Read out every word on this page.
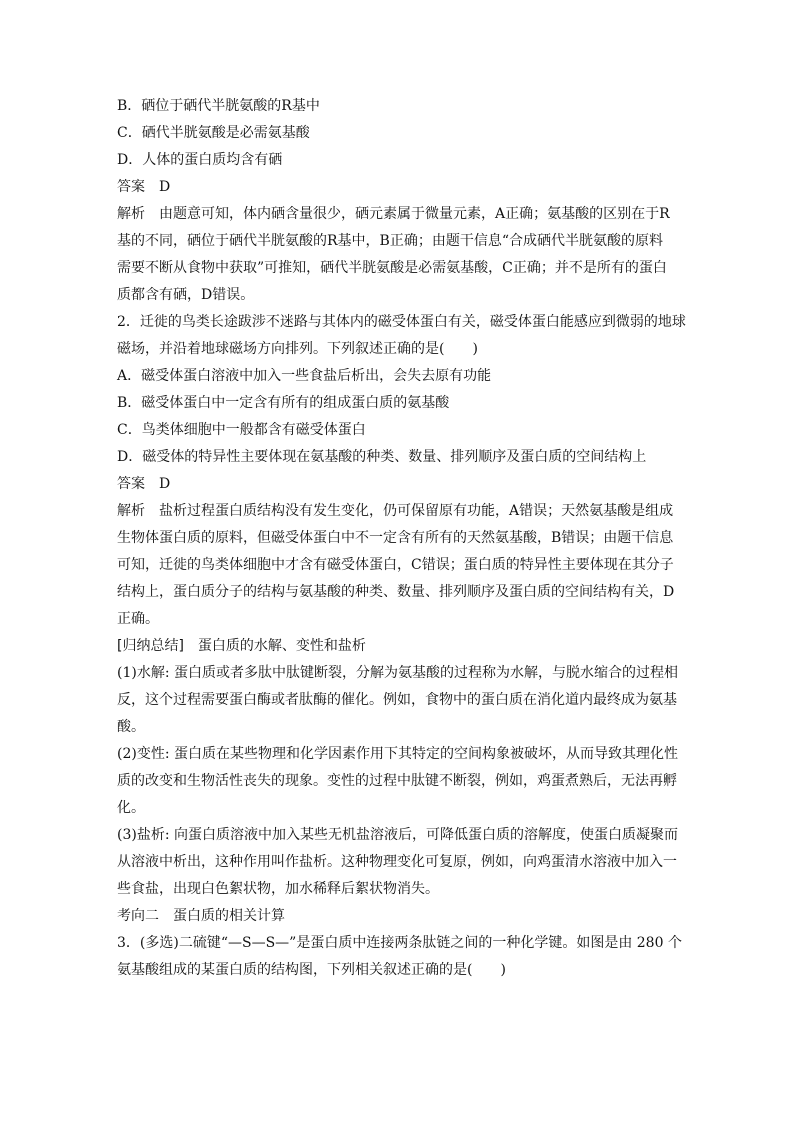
B．硒位于硒代半胱氨酸的R基中
C．硒代半胱氨酸是必需氨基酸
D．人体的蛋白质均含有硒
答案　D
解析　由题意可知，体内硒含量很少，硒元素属于微量元素，A正确；氨基酸的区别在于R
基的不同，硒位于硒代半胱氨酸的R基中，B正确；由题干信息“合成硒代半胱氨酸的原料
需要不断从食物中获取”可推知，硒代半胱氨酸是必需氨基酸，C正确；并不是所有的蛋白
质都含有硒，D错误。
2．迁徙的鸟类长途跋涉不迷路与其体内的磁受体蛋白有关，磁受体蛋白能感应到微弱的地球
磁场，并沿着地球磁场方向排列。下列叙述正确的是(　　)
A．磁受体蛋白溶液中加入一些食盐后析出，会失去原有功能
B．磁受体蛋白中一定含有所有的组成蛋白质的氨基酸
C．鸟类体细胞中一般都含有磁受体蛋白
D．磁受体的特异性主要体现在氨基酸的种类、数量、排列顺序及蛋白质的空间结构上
答案　D
解析　盐析过程蛋白质结构没有发生变化，仍可保留原有功能，A错误；天然氨基酸是组成
生物体蛋白质的原料，但磁受体蛋白中不一定含有所有的天然氨基酸，B错误；由题干信息
可知，迁徙的鸟类体细胞中才含有磁受体蛋白，C错误；蛋白质的特异性主要体现在其分子
结构上，蛋白质分子的结构与氨基酸的种类、数量、排列顺序及蛋白质的空间结构有关，D
正确。
[归纳总结]　蛋白质的水解、变性和盐析
(1)水解: 蛋白质或者多肽中肽键断裂，分解为氨基酸的过程称为水解，与脱水缩合的过程相
反，这个过程需要蛋白酶或者肽酶的催化。例如，食物中的蛋白质在消化道内最终成为氨基
酸。
(2)变性: 蛋白质在某些物理和化学因素作用下其特定的空间构象被破坏，从而导致其理化性
质的改变和生物活性丧失的现象。变性的过程中肽键不断裂，例如，鸡蛋煮熟后，无法再孵
化。
(3)盐析: 向蛋白质溶液中加入某些无机盐溶液后，可降低蛋白质的溶解度，使蛋白质凝聚而
从溶液中析出，这种作用叫作盐析。这种物理变化可复原，例如，向鸡蛋清水溶液中加入一
些食盐，出现白色絮状物，加水稀释后絮状物消失。
考向二　蛋白质的相关计算
3．(多选)二硫键“—S—S—”是蛋白质中连接两条肽链之间的一种化学键。如图是由 280 个
氨基酸组成的某蛋白质的结构图，下列相关叙述正确的是(　　)
